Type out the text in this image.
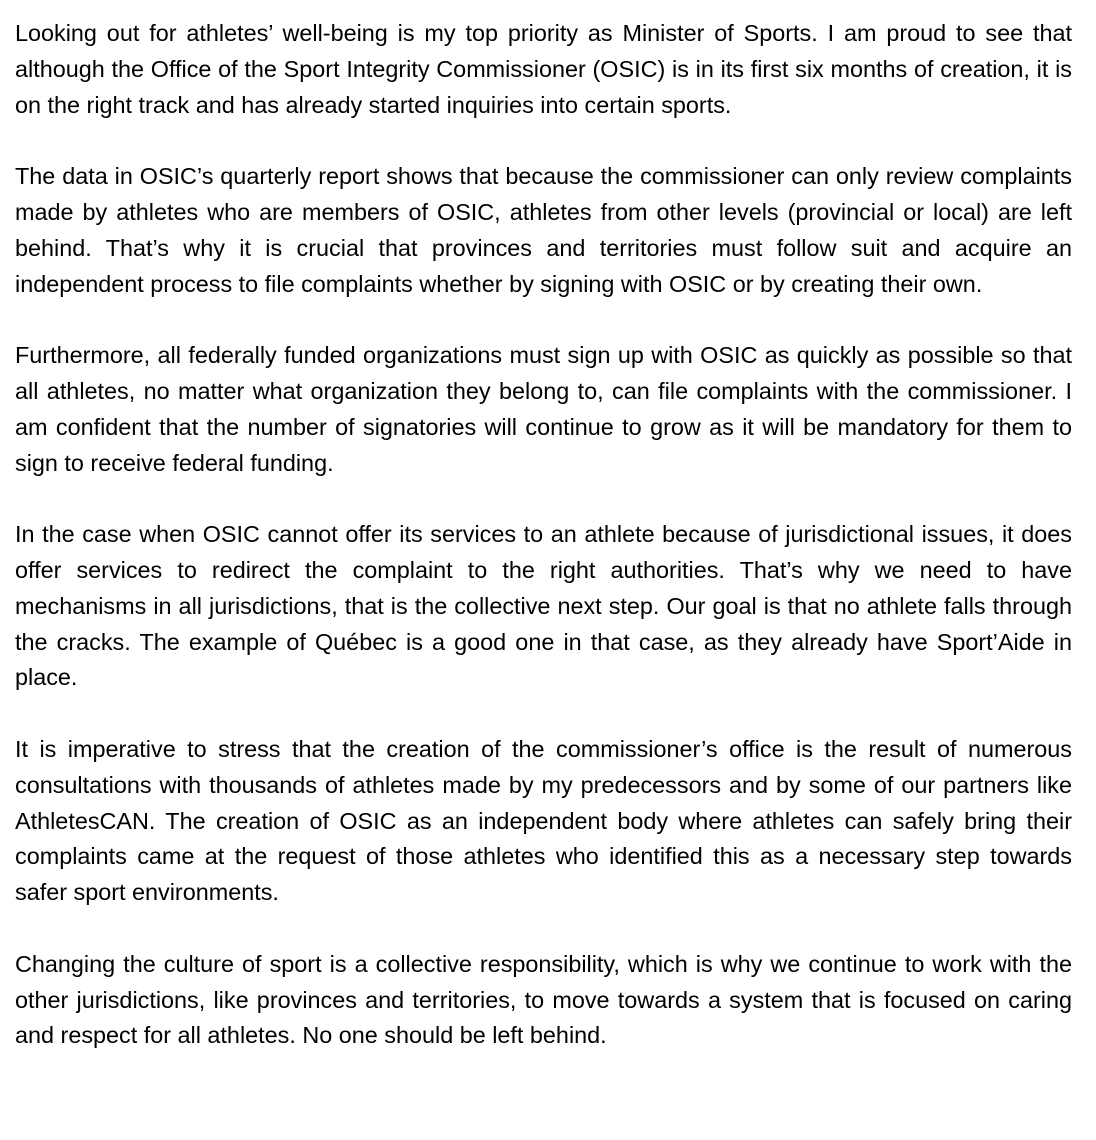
Looking out for athletes’ well-being is my top priority as Minister of Sports. I am proud to see that although the Office of the Sport Integrity Commissioner (OSIC) is in its first six months of creation, it is on the right track and has already started inquiries into certain sports.

The data in OSIC’s quarterly report shows that because the commissioner can only review complaints made by athletes who are members of OSIC, athletes from other levels (provincial or local) are left behind. That’s why it is crucial that provinces and territories must follow suit and acquire an independent process to file complaints whether by signing with OSIC or by creating their own.

Furthermore, all federally funded organizations must sign up with OSIC as quickly as possible so that all athletes, no matter what organization they belong to, can file complaints with the commissioner. I am confident that the number of signatories will continue to grow as it will be mandatory for them to sign to receive federal funding.

In the case when OSIC cannot offer its services to an athlete because of jurisdictional issues, it does offer services to redirect the complaint to the right authorities. That’s why we need to have mechanisms in all jurisdictions, that is the collective next step. Our goal is that no athlete falls through the cracks. The example of Québec is a good one in that case, as they already have Sport’Aide in place.

It is imperative to stress that the creation of the commissioner’s office is the result of numerous consultations with thousands of athletes made by my predecessors and by some of our partners like AthletesCAN. The creation of OSIC as an independent body where athletes can safely bring their complaints came at the request of those athletes who identified this as a necessary step towards safer sport environments.

Changing the culture of sport is a collective responsibility, which is why we continue to work with the other jurisdictions, like provinces and territories, to move towards a system that is focused on caring and respect for all athletes. No one should be left behind.
